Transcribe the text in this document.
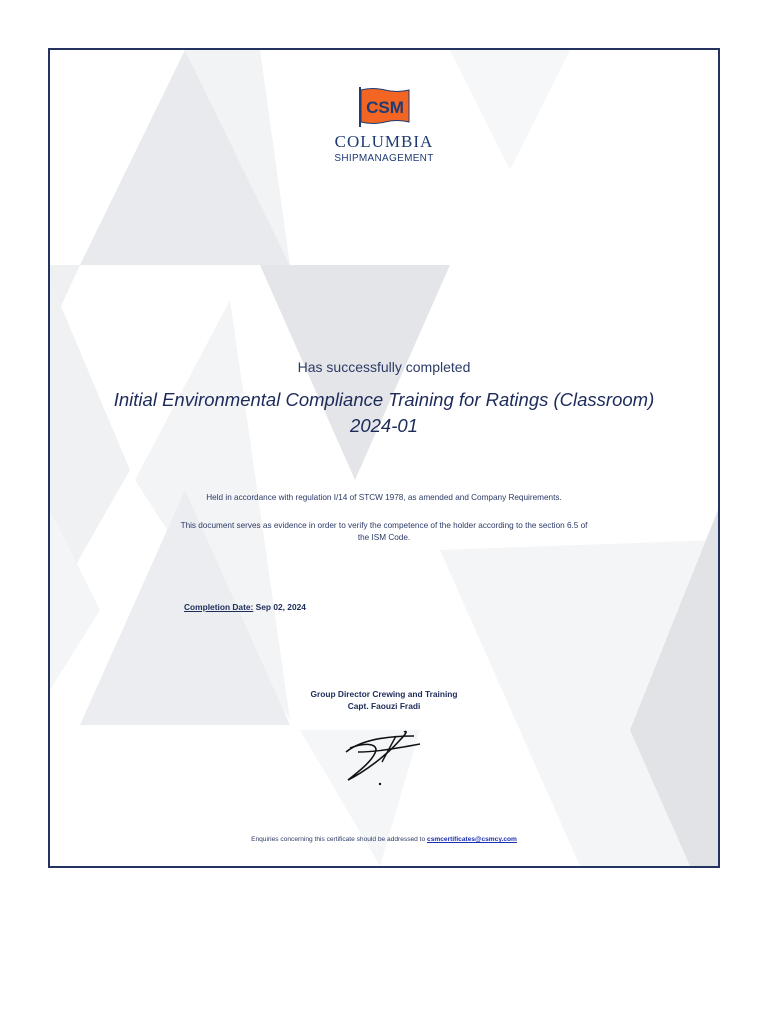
CSM
COLUMBIA
SHIPMANAGEMENT
Has successfully completed
Initial Environmental Compliance Training for Ratings (Classroom)
2024-01
Held in accordance with regulation I/14 of STCW 1978, as amended and Company Requirements.
This document serves as evidence in order to verify the competence of the holder according to the section 6.5 of the ISM Code.
Completion Date: Sep 02, 2024
Group Director Crewing and Training
Capt. Faouzi Fradi
Enquiries concerning this certificate should be addressed to csmcertificates@csmcy.com
